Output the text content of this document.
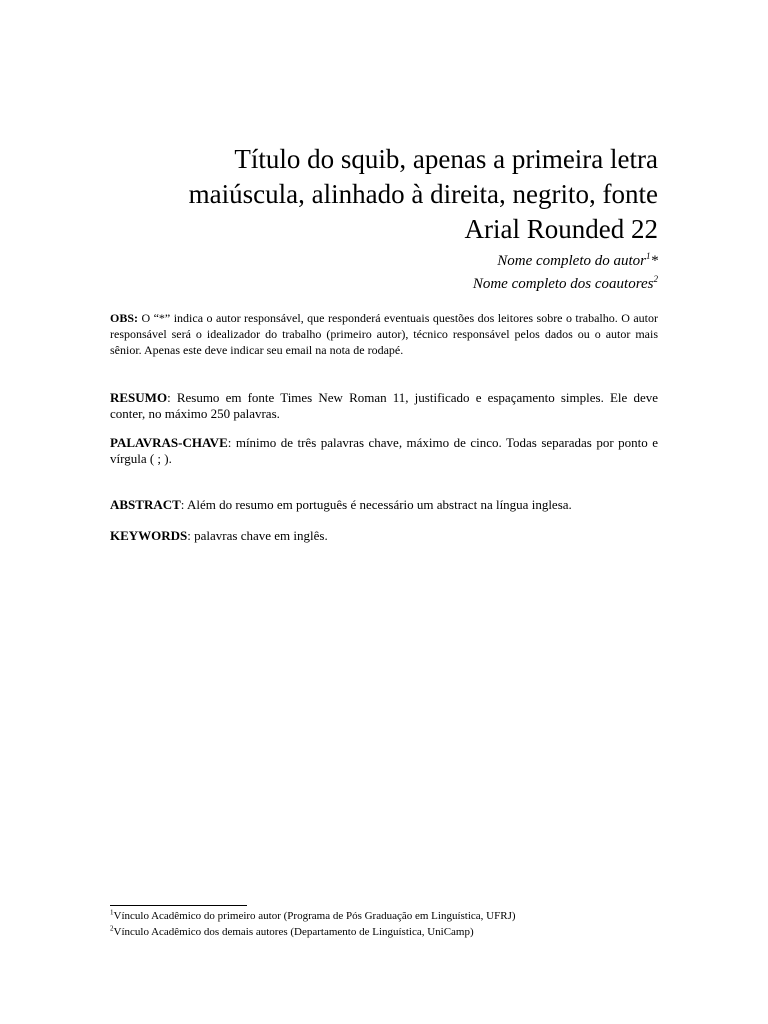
Título do squib, apenas a primeira letra
maiúscula, alinhado à direita, negrito, fonte
Arial Rounded 22
Nome completo do autor$^1$*
Nome completo dos coautores$^2$
OBS: O “*” indica o autor responsável, que responderá eventuais questões dos leitores sobre o trabalho. O autor responsável será o idealizador do trabalho (primeiro autor), técnico responsável pelos dados ou o autor mais sênior. Apenas este deve indicar seu email na nota de rodapé.
RESUMO: Resumo em fonte Times New Roman 11, justificado e espaçamento simples. Ele deve conter, no máximo 250 palavras.
PALAVRAS-CHAVE: mínimo de três palavras chave, máximo de cinco. Todas separadas por ponto e vírgula ( ; ).
ABSTRACT: Além do resumo em português é necessário um abstract na língua inglesa.
KEYWORDS: palavras chave em inglês.
$^1$Vínculo Acadêmico do primeiro autor (Programa de Pós Graduação em Linguística, UFRJ)
$^2$Vínculo Acadêmico dos demais autores (Departamento de Linguística, UniCamp)
